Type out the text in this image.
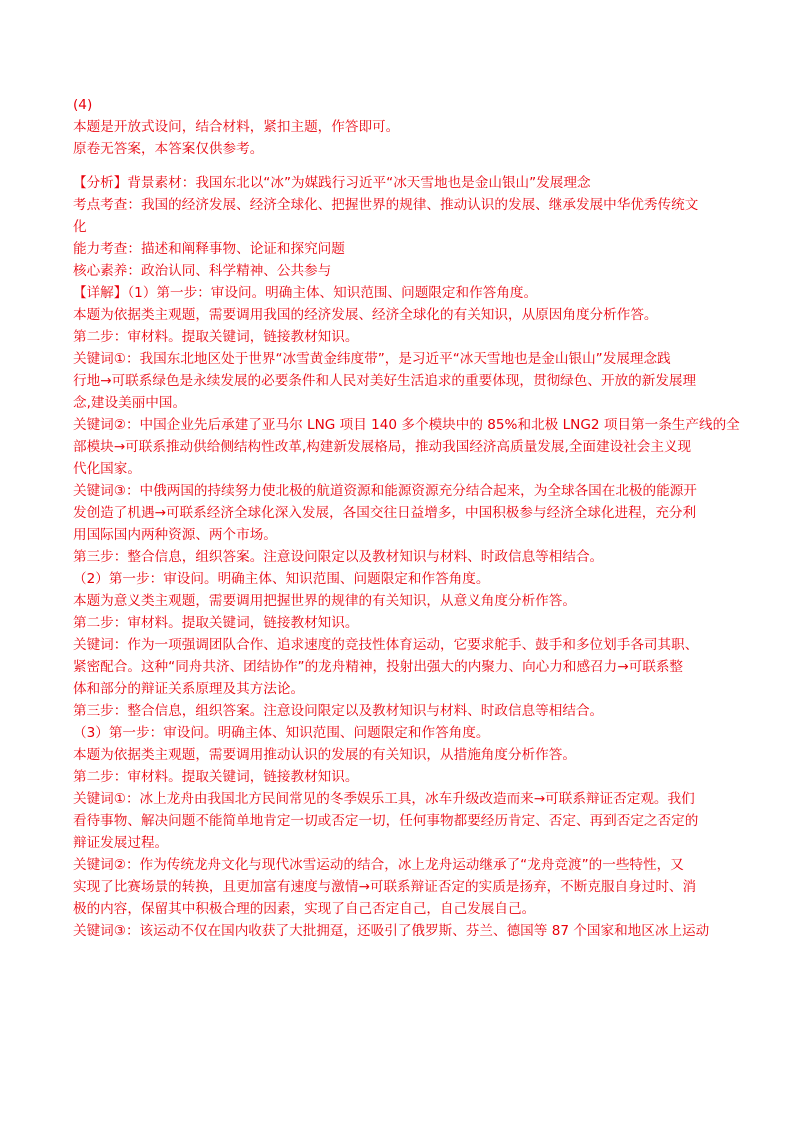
(4)
本题是开放式设问，结合材料，紧扣主题，作答即可。
原卷无答案，本答案仅供参考。
【分析】背景素材：我国东北以“冰”为媒践行习近平“冰天雪地也是金山银山”发展理念
考点考查：我国的经济发展、经济全球化、把握世界的规律、推动认识的发展、继承发展中华优秀传统文
化
能力考查：描述和阐释事物、论证和探究问题
核心素养：政治认同、科学精神、公共参与
【详解】（1）第一步：审设问。明确主体、知识范围、问题限定和作答角度。
本题为依据类主观题，需要调用我国的经济发展、经济全球化的有关知识，从原因角度分析作答。
第二步：审材料。提取关键词，链接教材知识。
关键词①：我国东北地区处于世界“冰雪黄金纬度带”，是习近平“冰天雪地也是金山银山”发展理念践
行地→可联系绿色是永续发展的必要条件和人民对美好生活追求的重要体现，贯彻绿色、开放的新发展理
念,建设美丽中国。
关键词②：中国企业先后承建了亚马尔 LNG 项目 140 多个模块中的 85%和北极 LNG2 项目第一条生产线的全
部模块→可联系推动供给侧结构性改革,构建新发展格局，推动我国经济高质量发展,全面建设社会主义现
代化国家。
关键词③：中俄两国的持续努力使北极的航道资源和能源资源充分结合起来，为全球各国在北极的能源开
发创造了机遇→可联系经济全球化深入发展，各国交往日益增多，中国积极参与经济全球化进程，充分利
用国际国内两种资源、两个市场。
第三步：整合信息，组织答案。注意设问限定以及教材知识与材料、时政信息等相结合。
（2）第一步：审设问。明确主体、知识范围、问题限定和作答角度。
本题为意义类主观题，需要调用把握世界的规律的有关知识，从意义角度分析作答。
第二步：审材料。提取关键词，链接教材知识。
关键词：作为一项强调团队合作、追求速度的竞技性体育运动，它要求舵手、鼓手和多位划手各司其职、
紧密配合。这种“同舟共济、团结协作”的龙舟精神，投射出强大的内聚力、向心力和感召力→可联系整
体和部分的辩证关系原理及其方法论。
第三步：整合信息，组织答案。注意设问限定以及教材知识与材料、时政信息等相结合。
（3）第一步：审设问。明确主体、知识范围、问题限定和作答角度。
本题为依据类主观题，需要调用推动认识的发展的有关知识，从措施角度分析作答。
第二步：审材料。提取关键词，链接教材知识。
关键词①：冰上龙舟由我国北方民间常见的冬季娱乐工具，冰车升级改造而来→可联系辩证否定观。我们
看待事物、解决问题不能简单地肯定一切或否定一切，任何事物都要经历肯定、否定、再到否定之否定的
辩证发展过程。
关键词②：作为传统龙舟文化与现代冰雪运动的结合，冰上龙舟运动继承了“龙舟竞渡”的一些特性，又
实现了比赛场景的转换，且更加富有速度与激情→可联系辩证否定的实质是扬弃，不断克服自身过时、消
极的内容，保留其中积极合理的因素，实现了自己否定自己，自己发展自己。
关键词③：该运动不仅在国内收获了大批拥趸，还吸引了俄罗斯、芬兰、德国等 87 个国家和地区冰上运动
